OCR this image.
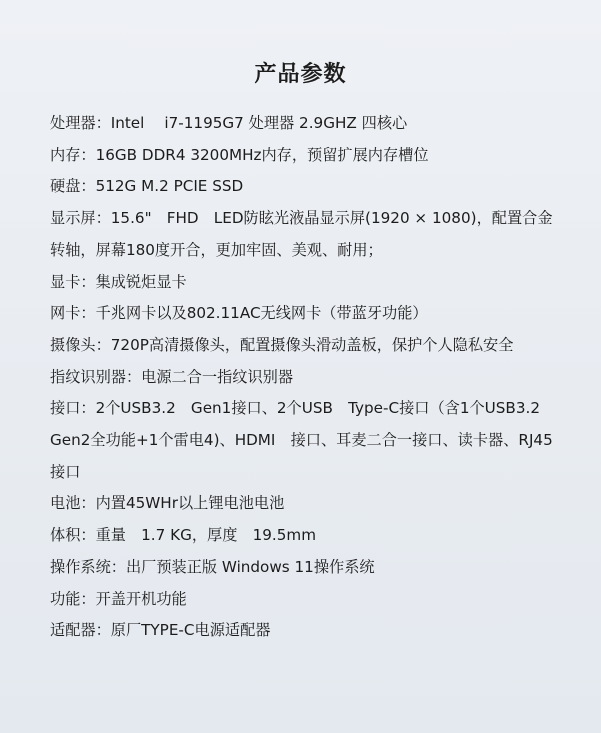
产品参数
处理器：Intel　 i7-1195G7 处理器 2.9GHZ 四核心
内存：16GB DDR4 3200MHz内存，预留扩展内存槽位
硬盘：512G M.2 PCIE SSD
显示屏：15.6"　FHD　LED防眩光液晶显示屏(1920 × 1080)，配置合金转轴，屏幕180度开合，更加牢固、美观、耐用；
显卡：集成锐炬显卡
网卡：千兆网卡以及802.11AC无线网卡（带蓝牙功能）
摄像头：720P高清摄像头，配置摄像头滑动盖板，保护个人隐私安全
指纹识别器：电源二合一指纹识别器
接口：2个USB3.2　Gen1接口、2个USB　Type-C接口（含1个USB3.2　Gen2全功能+1个雷电4)、HDMI　接口、耳麦二合一接口、读卡器、RJ45接口
电池：内置45WHr以上锂电池电池
体积：重量　1.7 KG，厚度　19.5mm
操作系统：出厂预装正版 Windows 11操作系统
功能：开盖开机功能
适配器：原厂TYPE-C电源适配器
